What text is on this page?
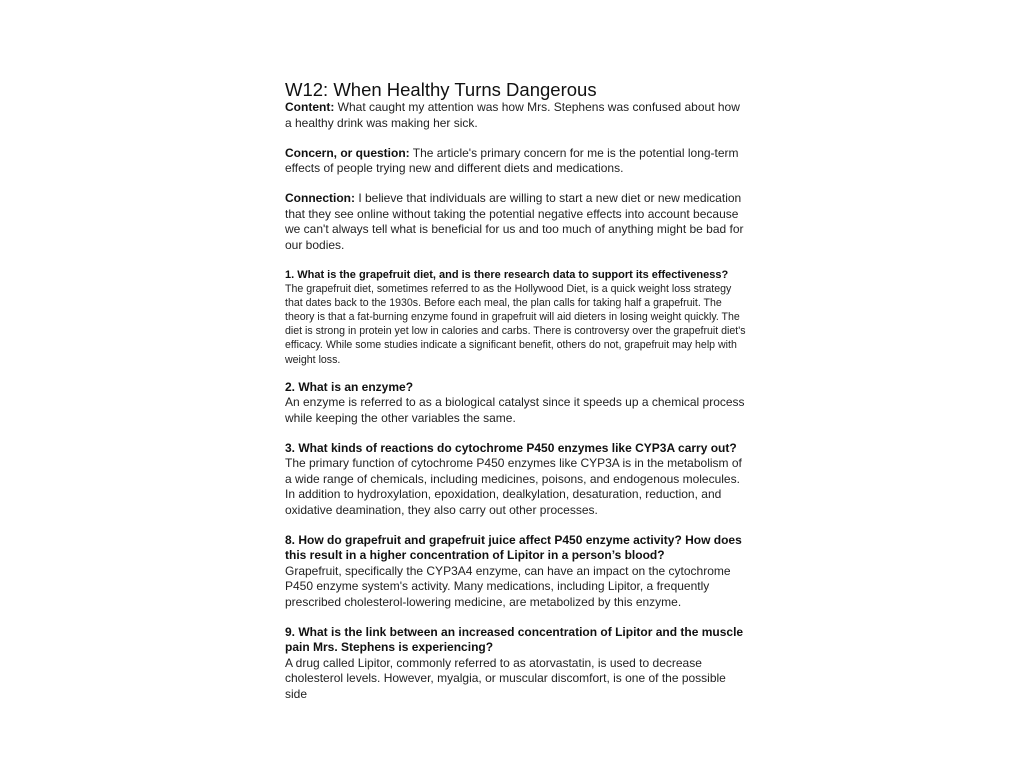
W12: When Healthy Turns Dangerous

Content: What caught my attention was how Mrs. Stephens was confused about how a healthy drink was making her sick.

Concern, or question: The article's primary concern for me is the potential long-term effects of people trying new and different diets and medications.

Connection: I believe that individuals are willing to start a new diet or new medication that they see online without taking the potential negative effects into account because we can't always tell what is beneficial for us and too much of anything might be bad for our bodies.

1. What is the grapefruit diet, and is there research data to support its effectiveness?

The grapefruit diet, sometimes referred to as the Hollywood Diet, is a quick weight loss strategy that dates back to the 1930s. Before each meal, the plan calls for taking half a grapefruit. The theory is that a fat-burning enzyme found in grapefruit will aid dieters in losing weight quickly. The diet is strong in protein yet low in calories and carbs. There is controversy over the grapefruit diet's efficacy. While some studies indicate a significant benefit, others do not, grapefruit may help with weight loss.

2. What is an enzyme?

An enzyme is referred to as a biological catalyst since it speeds up a chemical process while keeping the other variables the same.

3. What kinds of reactions do cytochrome P450 enzymes like CYP3A carry out?

The primary function of cytochrome P450 enzymes like CYP3A is in the metabolism of a wide range of chemicals, including medicines, poisons, and endogenous molecules. In addition to hydroxylation, epoxidation, dealkylation, desaturation, reduction, and oxidative deamination, they also carry out other processes.

8. How do grapefruit and grapefruit juice affect P450 enzyme activity? How does this result in a higher concentration of Lipitor in a person’s blood?

Grapefruit, specifically the CYP3A4 enzyme, can have an impact on the cytochrome P450 enzyme system's activity. Many medications, including Lipitor, a frequently prescribed cholesterol-lowering medicine, are metabolized by this enzyme.

9. What is the link between an increased concentration of Lipitor and the muscle pain Mrs. Stephens is experiencing?

A drug called Lipitor, commonly referred to as atorvastatin, is used to decrease cholesterol levels. However, myalgia, or muscular discomfort, is one of the possible side
